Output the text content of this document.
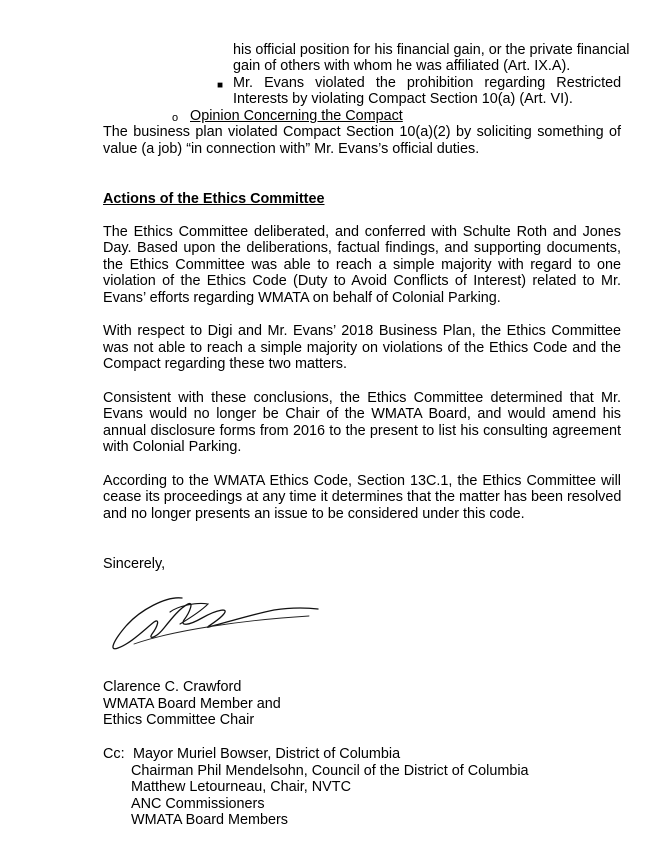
his official position for his financial gain, or the private financial
gain of others with whom he was affiliated (Art. IX.A).
■ Mr. Evans violated the prohibition regarding Restricted
Interests by violating Compact Section 10(a) (Art. VI).
o Opinion Concerning the Compact
The business plan violated Compact Section 10(a)(2) by soliciting something of
value (a job) “in connection with” Mr. Evans’s official duties.
Actions of the Ethics Committee
The Ethics Committee deliberated, and conferred with Schulte Roth and Jones
Day. Based upon the deliberations, factual findings, and supporting documents,
the Ethics Committee was able to reach a simple majority with regard to one
violation of the Ethics Code (Duty to Avoid Conflicts of Interest) related to Mr.
Evans’ efforts regarding WMATA on behalf of Colonial Parking.
With respect to Digi and Mr. Evans’ 2018 Business Plan, the Ethics Committee
was not able to reach a simple majority on violations of the Ethics Code and the
Compact regarding these two matters.
Consistent with these conclusions, the Ethics Committee determined that Mr.
Evans would no longer be Chair of the WMATA Board, and would amend his
annual disclosure forms from 2016 to the present to list his consulting agreement
with Colonial Parking.
According to the WMATA Ethics Code, Section 13C.1, the Ethics Committee will
cease its proceedings at any time it determines that the matter has been resolved
and no longer presents an issue to be considered under this code.
Sincerely,
Clarence C. Crawford
WMATA Board Member and
Ethics Committee Chair
Cc: Mayor Muriel Bowser, District of Columbia
Chairman Phil Mendelsohn, Council of the District of Columbia
Matthew Letourneau, Chair, NVTC
ANC Commissioners
WMATA Board Members
